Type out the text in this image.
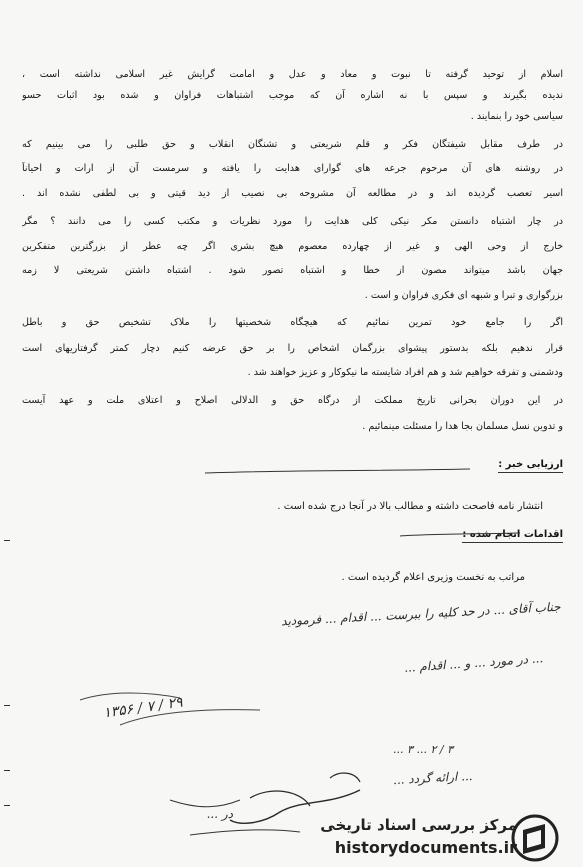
اسلام از توحید گرفته تا نبوت و معاد و عدل و امامت گرایش غیر اسلامی نداشته است ،
ندیده بگیرند و سپس با نه اشاره آن که موجب اشتباهات فراوان و شده بود اثبات حسو
سیاسی خود را بنمایند .
در طرف مقابل شیفتگان فکر و قلم شریعتی و تشنگان انقلاب و حق طلبی را می بینیم که
در روشنه های آن مرحوم جرعه های گوارای هدایت را یافته و سرمست آن از ارات و احیاناً
اسیر تعصب گردیده اند و در مطالعه آن مشروحه بی نصیب از دید قیتی و بی لطفی نشده اند .
در چار اشتباه دانستن مکر نیکی کلی هدایت را مورد نظریات و مکتب کسی را می دانند ؟ مگر
خارج از وحی الهی و غیر از چهارده معصوم هیچ بشری اگر چه عطر از بزرگترین متفکرین
جهان باشد میتواند مصون از خطا و اشتباه تصور شود . اشتباه داشتن شریعتی لا زمه
بزرگواری و تبرا و شبهه ای فکری فراوان و است .
اگر را جامع خود تمرین نمائیم که هیچگاه شخصیتها را ملاک تشخیص حق و باطل
قرار ندهیم بلکه بدستور پیشوای بزرگمان اشخاص را بر حق عرضه کنیم دچار کمتر گرفتاریهای است
ودشمنی و تفرقه خواهیم شد و هم افراد شایسته ما نیکوکار و عزیز خواهند شد .
در این دوران بحرانی تاریخ مملکت از درگاه حق و الدلالی اصلاح و اعتلای ملت و عهد آیست
و تدوین نسل مسلمان بجا هدا را مسئلت مینمائیم .
ارزیابی خبر :
انتشار نامه فاصحت داشته و مطالب بالا در آنجا درج شده است .
اقدامات انجام شده :
مراتب به نخست وزیری اعلام گردیده است .
جناب آقای ... در حد کلیه را ببرست ... اقدام ... فرمودید
... در مورد ... و ... اقدام ...
۲۹ / ۷ / ۱۳۵۶
۳ / ۲ ... ۳ ...
... ارائه گردد ...
در ...
مرکز بررسی اسناد تاریخی
historydocuments.ir
